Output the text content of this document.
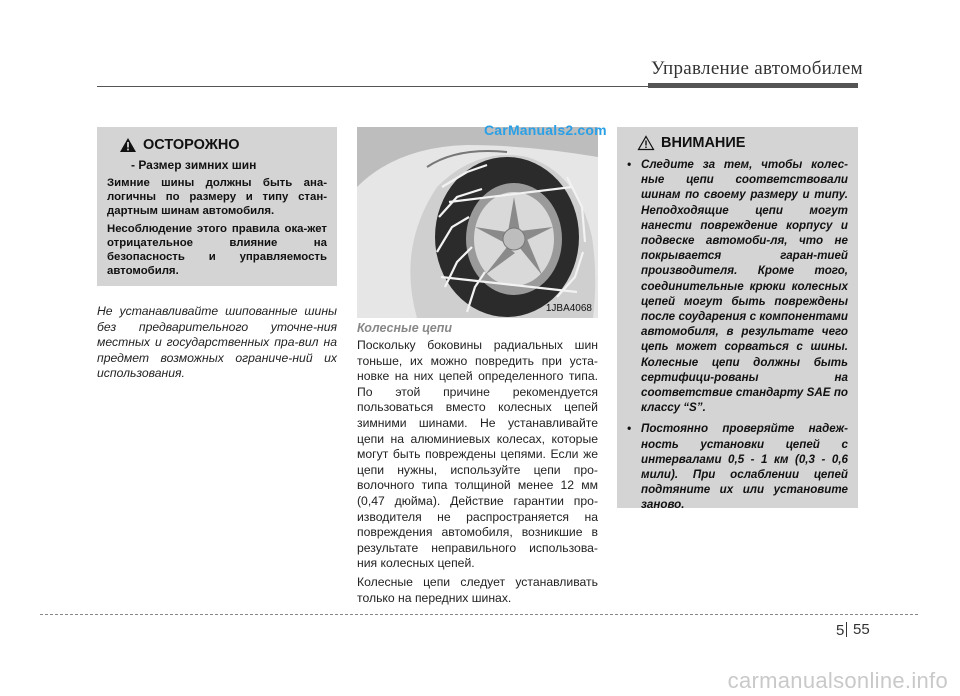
Управление автомобилем
ОСТОРОЖНО
- Размер зимних шин

Зимние шины должны быть ана-логичны по размеру и типу стан-дартным шинам автомобиля.

Несоблюдение этого правила ока-жет отрицательное влияние на безопасность и управляемость автомобиля.

Не устанавливайте шипованные шины без предварительного уточне-ния местных и государственных пра-вил на предмет возможных ограниче-ний их использования.

1JBA4068
CarManuals2.com
Колесные цепи

Поскольку боковины радиальных шин тоньше, их можно повредить при уста-новке на них цепей определенного типа. По этой причине рекомендуется пользоваться вместо колесных цепей зимними шинами. Не устанавливайте цепи на алюминиевых колесах, которые могут быть повреждены цепями. Если же цепи нужны, используйте цепи про-волочного типа толщиной менее 12 мм (0,47 дюйма). Действие гарантии про-изводителя не распространяется на повреждения автомобиля, возникшие в результате неправильного использова-ния колесных цепей.

Колесные цепи следует устанавливать только на передних шинах.

ВНИМАНИЕ
• Следите за тем, чтобы колес-ные цепи соответствовали шинам по своему размеру и типу. Неподходящие цепи могут нанести повреждение корпусу и подвеске автомоби-ля, что не покрывается гаран-тией производителя. Кроме того, соединительные крюки колесных цепей могут быть повреждены после соударения с компонентами автомобиля, в результате чего цепь может сорваться с шины. Колесные цепи должны быть сертифици-рованы на соответствие стандарту SAE по классу “S”.
• Постоянно проверяйте надеж-ность установки цепей с интервалами 0,5 - 1 км (0,3 - 0,6 мили). При ослаблении цепей подтяните их или установите заново.
5 55
carmanualsonline.info
